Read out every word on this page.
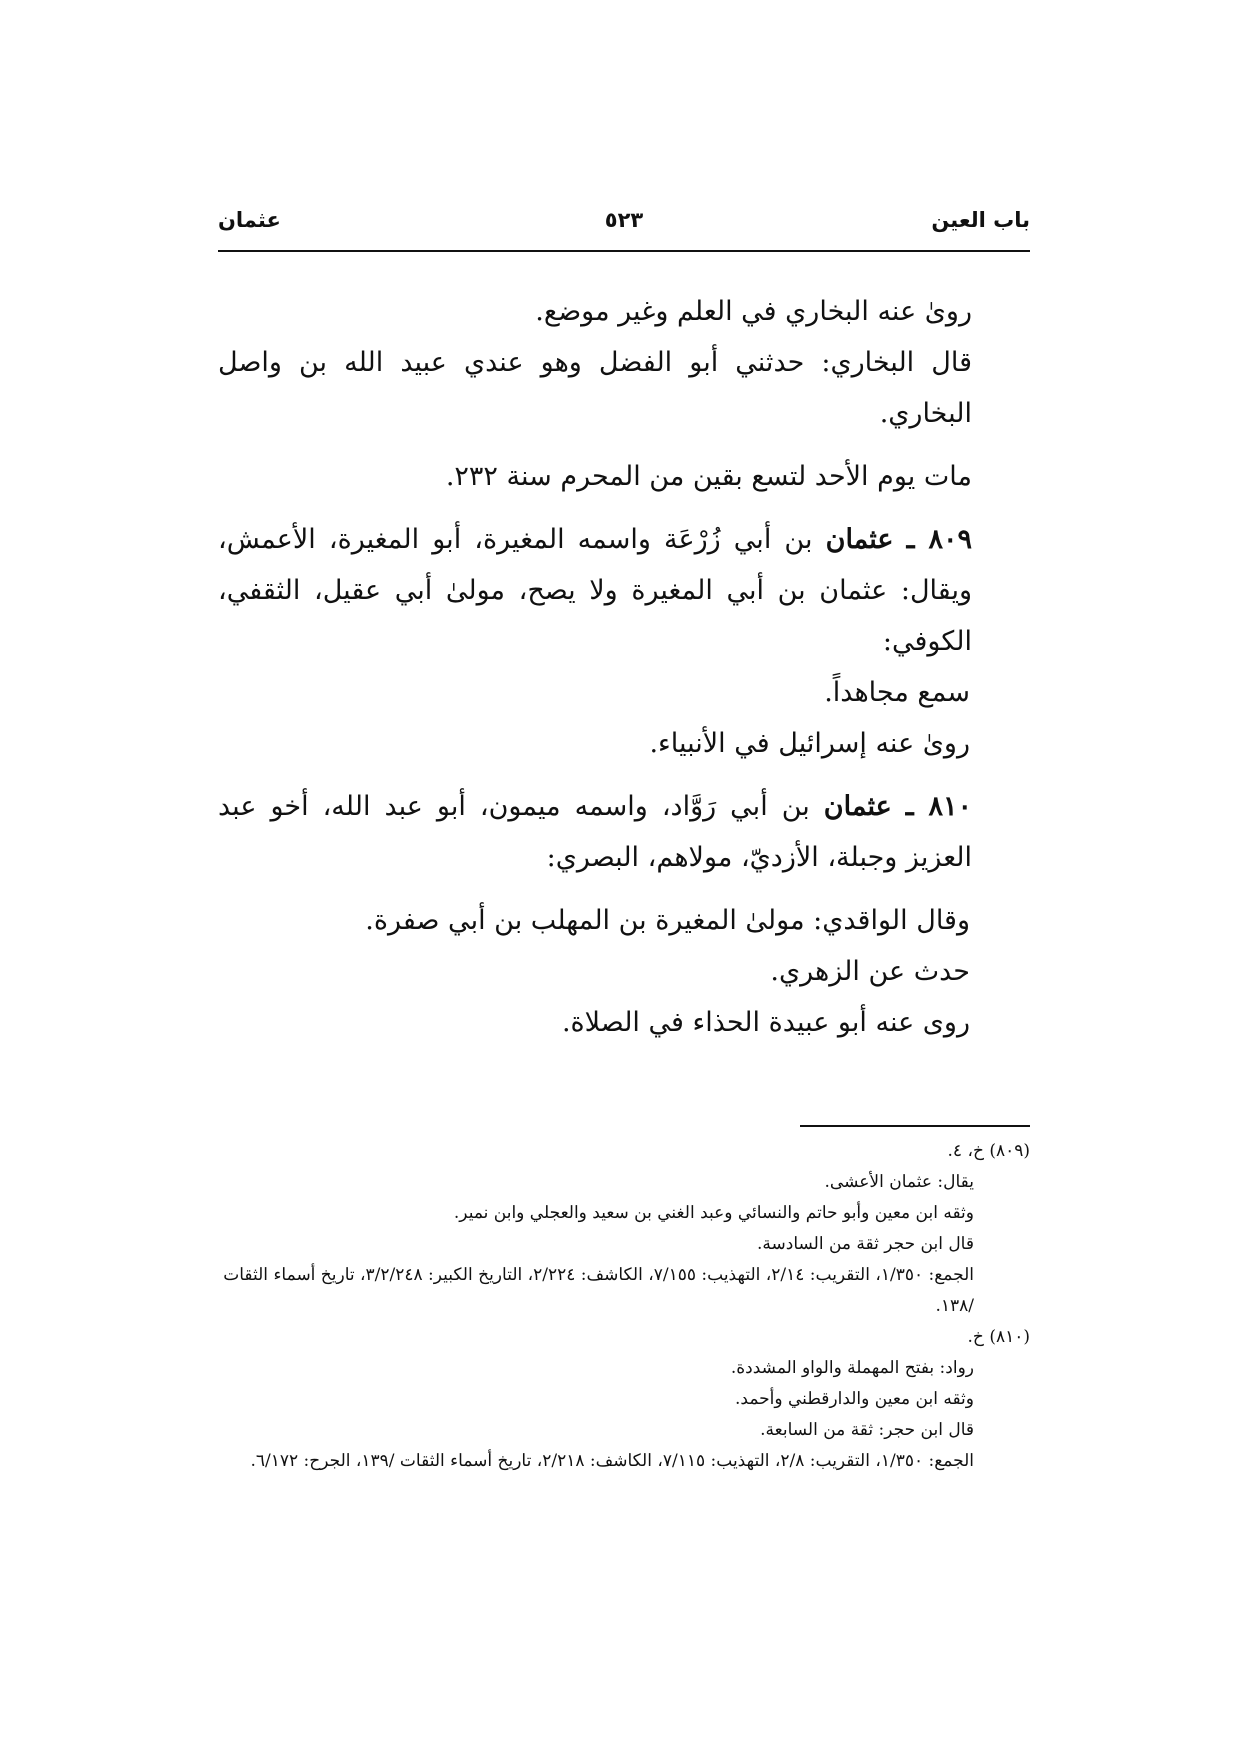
باب العين
٥٢٣
عثمان

رویٰ عنه البخاري في العلم وغير موضع.

قال البخاري: حدثني أبو الفضل وهو عندي عبيد الله بن واصل البخاري.

مات يوم الأحد لتسع بقين من المحرم سنة ٢٣٢.

٨٠٩ ـ عثمان بن أبي زُرْعَة واسمه المغيرة، أبو المغيرة، الأعمش، ويقال: عثمان بن أبي المغيرة ولا يصح، مولىٰ أبي عقيل، الثقفي، الكوفي:

سمع مجاهداً.

رویٰ عنه إسرائيل في الأنبياء.

٨١٠ ـ عثمان بن أبي رَوَّاد، واسمه ميمون، أبو عبد الله، أخو عبد العزيز وجبلة، الأزديّ، مولاهم، البصري:

وقال الواقدي: مولىٰ المغيرة بن المهلب بن أبي صفرة.

حدث عن الزهري.

روى عنه أبو عبيدة الحذاء في الصلاة.

(٨٠٩) خ، ٤.

يقال: عثمان الأعشى.

وثقه ابن معين وأبو حاتم والنسائي وعبد الغني بن سعيد والعجلي وابن نمير.

قال ابن حجر ثقة من السادسة.

الجمع: ١/٣٥٠، التقريب: ٢/١٤، التهذيب: ٧/١٥٥، الكاشف: ٢/٢٢٤، التاريخ الكبير: ٣/٢/٢٤٨، تاريخ أسماء الثقات /١٣٨.

(٨١٠) خ.

رواد: بفتح المهملة والواو المشددة.

وثقه ابن معين والدارقطني وأحمد.

قال ابن حجر: ثقة من السابعة.

الجمع: ١/٣٥٠، التقريب: ٢/٨، التهذيب: ٧/١١٥، الكاشف: ٢/٢١٨، تاريخ أسماء الثقات /١٣٩، الجرح: ٦/١٧٢.
